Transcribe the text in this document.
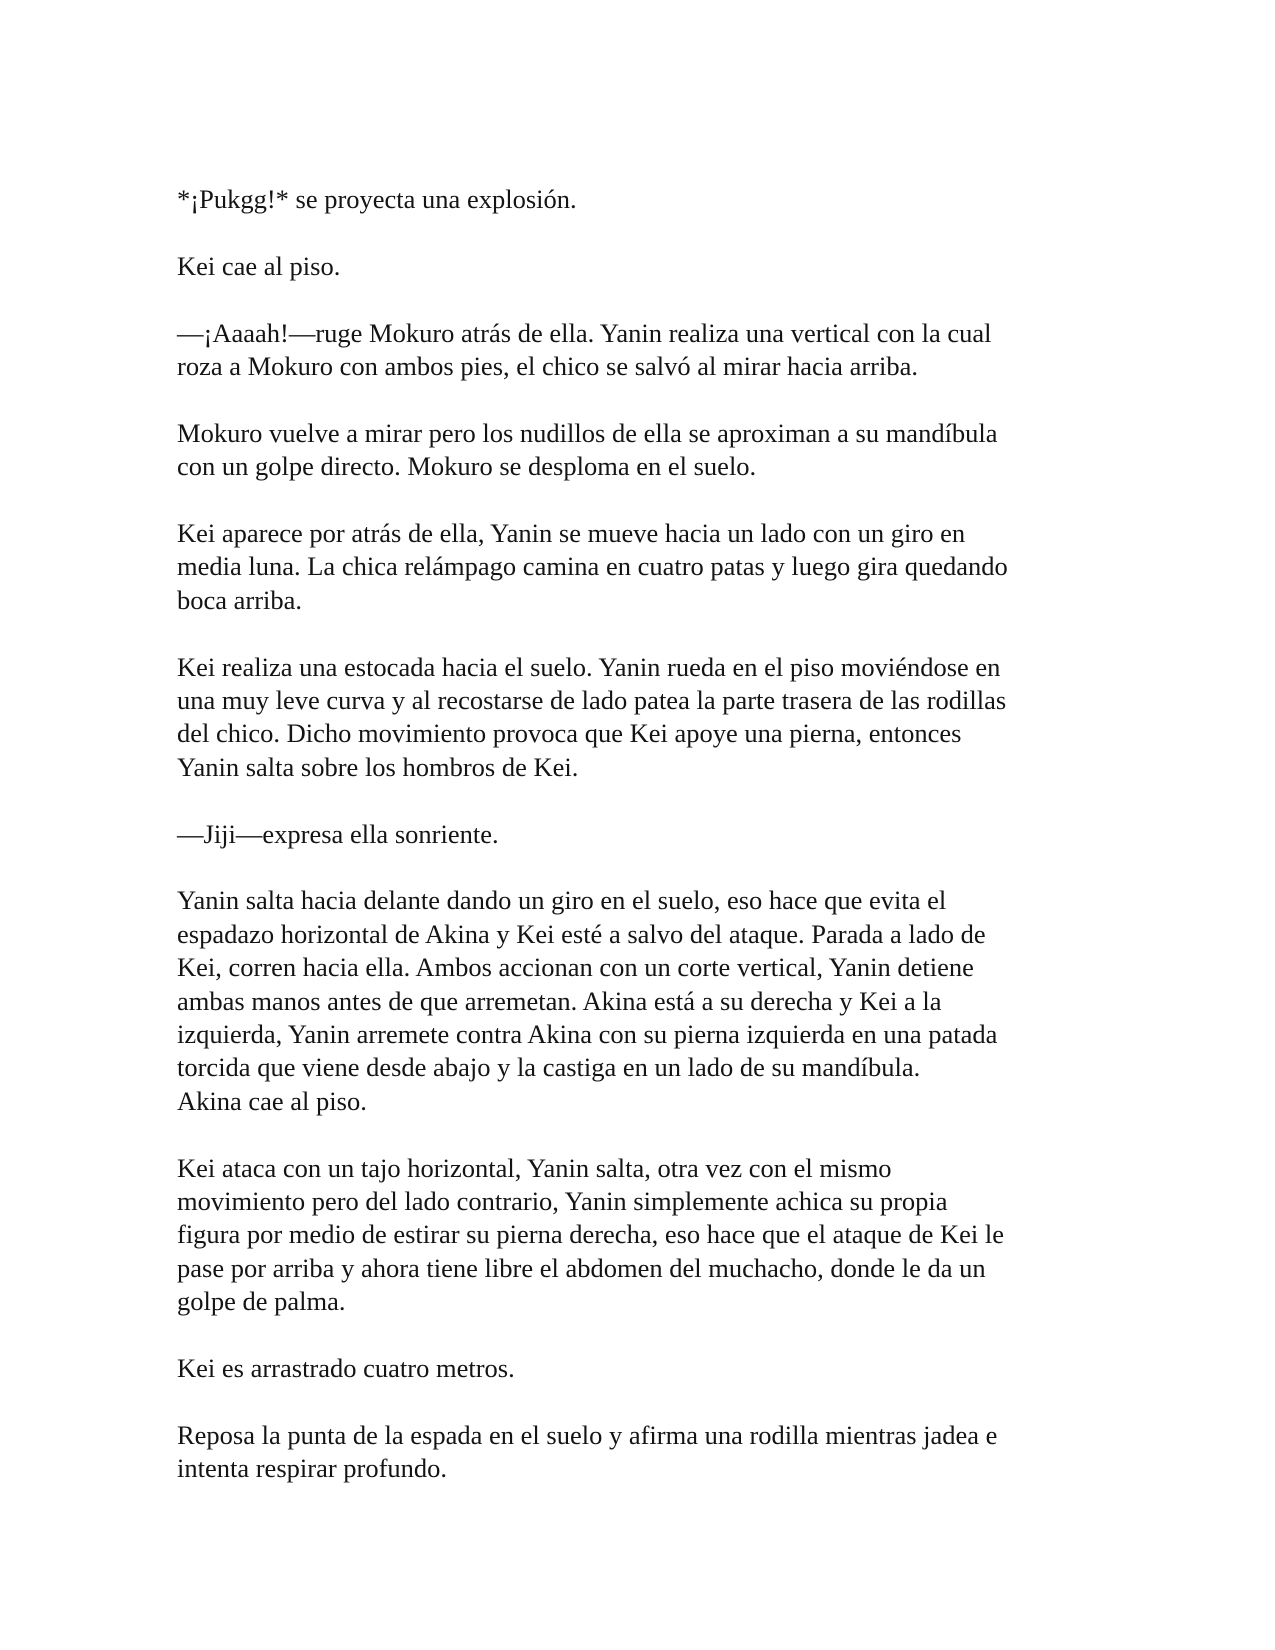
*¡Pukgg!* se proyecta una explosión.

Kei cae al piso.

—¡Aaaah!—ruge Mokuro atrás de ella. Yanin realiza una vertical con la cual
roza a Mokuro con ambos pies, el chico se salvó al mirar hacia arriba.

Mokuro vuelve a mirar pero los nudillos de ella se aproximan a su mandíbula
con un golpe directo. Mokuro se desploma en el suelo.

Kei aparece por atrás de ella, Yanin se mueve hacia un lado con un giro en
media luna. La chica relámpago camina en cuatro patas y luego gira quedando
boca arriba.

Kei realiza una estocada hacia el suelo. Yanin rueda en el piso moviéndose en
una muy leve curva y al recostarse de lado patea la parte trasera de las rodillas
del chico. Dicho movimiento provoca que Kei apoye una pierna, entonces
Yanin salta sobre los hombros de Kei.

—Jiji—expresa ella sonriente.

Yanin salta hacia delante dando un giro en el suelo, eso hace que evita el
espadazo horizontal de Akina y Kei esté a salvo del ataque. Parada a lado de
Kei, corren hacia ella. Ambos accionan con un corte vertical, Yanin detiene
ambas manos antes de que arremetan. Akina está a su derecha y Kei a la
izquierda, Yanin arremete contra Akina con su pierna izquierda en una patada
torcida que viene desde abajo y la castiga en un lado de su mandíbula.
Akina cae al piso.

Kei ataca con un tajo horizontal, Yanin salta, otra vez con el mismo
movimiento pero del lado contrario, Yanin simplemente achica su propia
figura por medio de estirar su pierna derecha, eso hace que el ataque de Kei le
pase por arriba y ahora tiene libre el abdomen del muchacho, donde le da un
golpe de palma.

Kei es arrastrado cuatro metros.

Reposa la punta de la espada en el suelo y afirma una rodilla mientras jadea e
intenta respirar profundo.
